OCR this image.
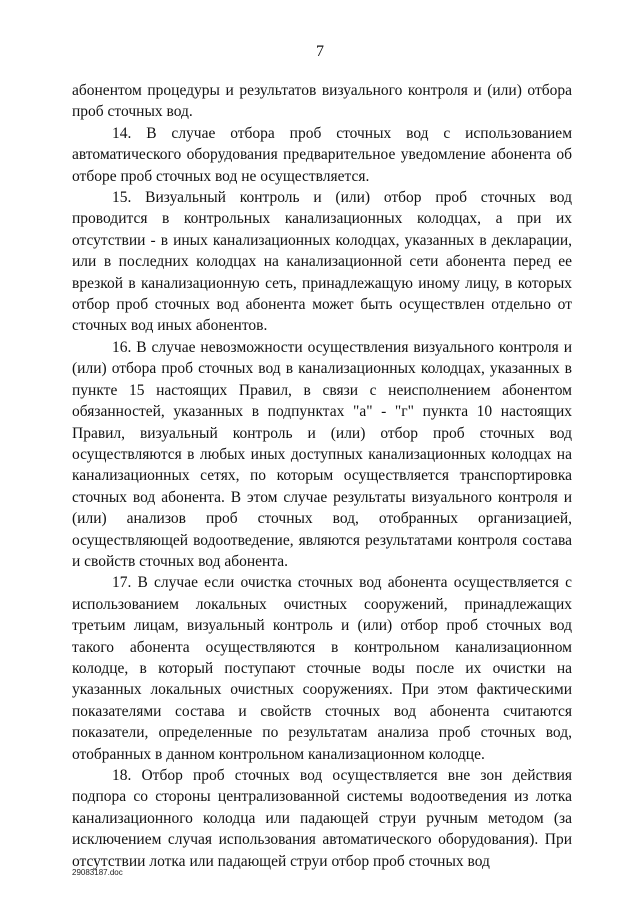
7

абонентом процедуры и результатов визуального контроля и (или) отбора проб сточных вод.

14. В случае отбора проб сточных вод с использованием автоматического оборудования предварительное уведомление абонента об отборе проб сточных вод не осуществляется.

15. Визуальный контроль и (или) отбор проб сточных вод проводится в контрольных канализационных колодцах, а при их отсутствии - в иных канализационных колодцах, указанных в декларации, или в последних колодцах на канализационной сети абонента перед ее врезкой в канализационную сеть, принадлежащую иному лицу, в которых отбор проб сточных вод абонента может быть осуществлен отдельно от сточных вод иных абонентов.

16. В случае невозможности осуществления визуального контроля и (или) отбора проб сточных вод в канализационных колодцах, указанных в пункте 15 настоящих Правил, в связи с неисполнением абонентом обязанностей, указанных в подпунктах "а" - "г" пункта 10 настоящих Правил, визуальный контроль и (или) отбор проб сточных вод осуществляются в любых иных доступных канализационных колодцах на канализационных сетях, по которым осуществляется транспортировка сточных вод абонента. В этом случае результаты визуального контроля и (или) анализов проб сточных вод, отобранных организацией, осуществляющей водоотведение, являются результатами контроля состава и свойств сточных вод абонента.

17. В случае если очистка сточных вод абонента осуществляется с использованием локальных очистных сооружений, принадлежащих третьим лицам, визуальный контроль и (или) отбор проб сточных вод такого абонента осуществляются в контрольном канализационном колодце, в который поступают сточные воды после их очистки на указанных локальных очистных сооружениях. При этом фактическими показателями состава и свойств сточных вод абонента считаются показатели, определенные по результатам анализа проб сточных вод, отобранных в данном контрольном канализационном колодце.

18. Отбор проб сточных вод осуществляется вне зон действия подпора со стороны централизованной системы водоотведения из лотка канализационного колодца или падающей струи ручным методом (за исключением случая использования автоматического оборудования). При отсутствии лотка или падающей струи отбор проб сточных вод

29083187.doc
